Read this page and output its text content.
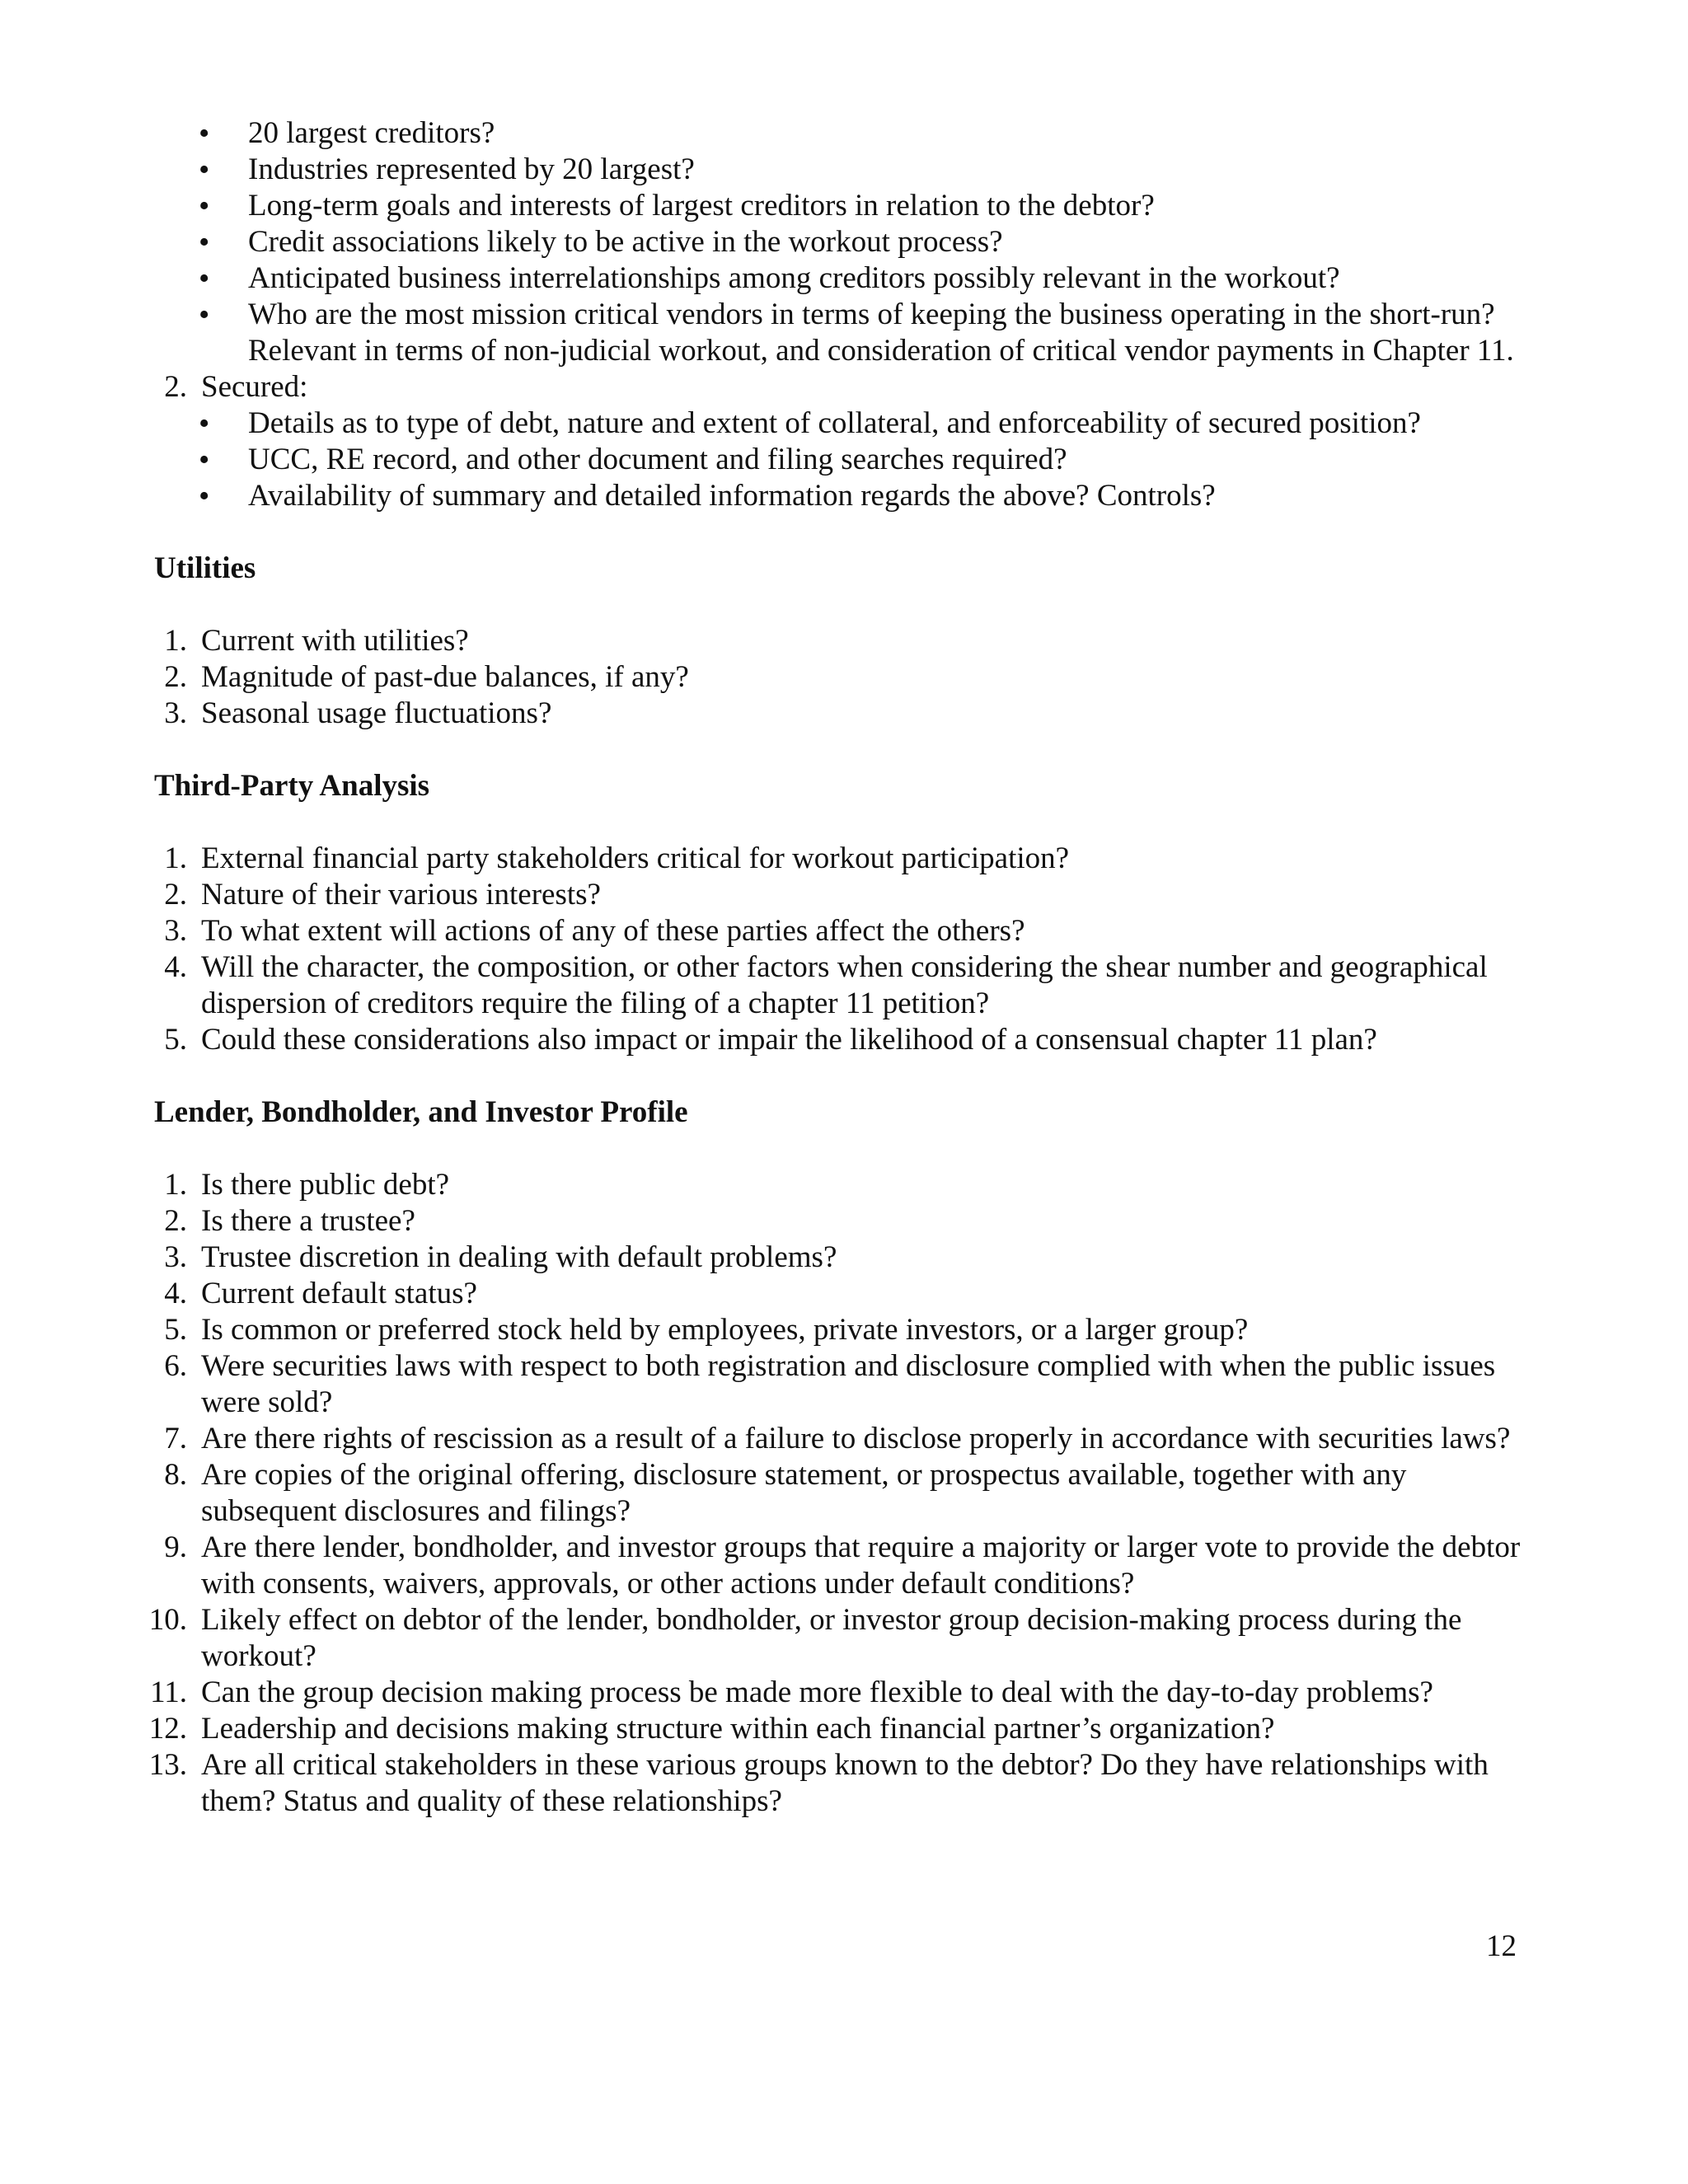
• 20 largest creditors?
• Industries represented by 20 largest?
• Long-term goals and interests of largest creditors in relation to the debtor?
• Credit associations likely to be active in the workout process?
• Anticipated business interrelationships among creditors possibly relevant in the workout?
• Who are the most mission critical vendors in terms of keeping the business operating in the short-run? Relevant in terms of non-judicial workout, and consideration of critical vendor payments in Chapter 11.
2. Secured:
• Details as to type of debt, nature and extent of collateral, and enforceability of secured position?
• UCC, RE record, and other document and filing searches required?
• Availability of summary and detailed information regards the above? Controls?
Utilities
1. Current with utilities?
2. Magnitude of past-due balances, if any?
3. Seasonal usage fluctuations?
Third-Party Analysis
1. External financial party stakeholders critical for workout participation?
2. Nature of their various interests?
3. To what extent will actions of any of these parties affect the others?
4. Will the character, the composition, or other factors when considering the shear number and geographical dispersion of creditors require the filing of a chapter 11 petition?
5. Could these considerations also impact or impair the likelihood of a consensual chapter 11 plan?
Lender, Bondholder, and Investor Profile
1. Is there public debt?
2. Is there a trustee?
3. Trustee discretion in dealing with default problems?
4. Current default status?
5. Is common or preferred stock held by employees, private investors, or a larger group?
6. Were securities laws with respect to both registration and disclosure complied with when the public issues were sold?
7. Are there rights of rescission as a result of a failure to disclose properly in accordance with securities laws?
8. Are copies of the original offering, disclosure statement, or prospectus available, together with any subsequent disclosures and filings?
9. Are there lender, bondholder, and investor groups that require a majority or larger vote to provide the debtor with consents, waivers, approvals, or other actions under default conditions?
10. Likely effect on debtor of the lender, bondholder, or investor group decision-making process during the workout?
11. Can the group decision making process be made more flexible to deal with the day-to-day problems?
12. Leadership and decisions making structure within each financial partner’s organization?
13. Are all critical stakeholders in these various groups known to the debtor? Do they have relationships with them? Status and quality of these relationships?
12
